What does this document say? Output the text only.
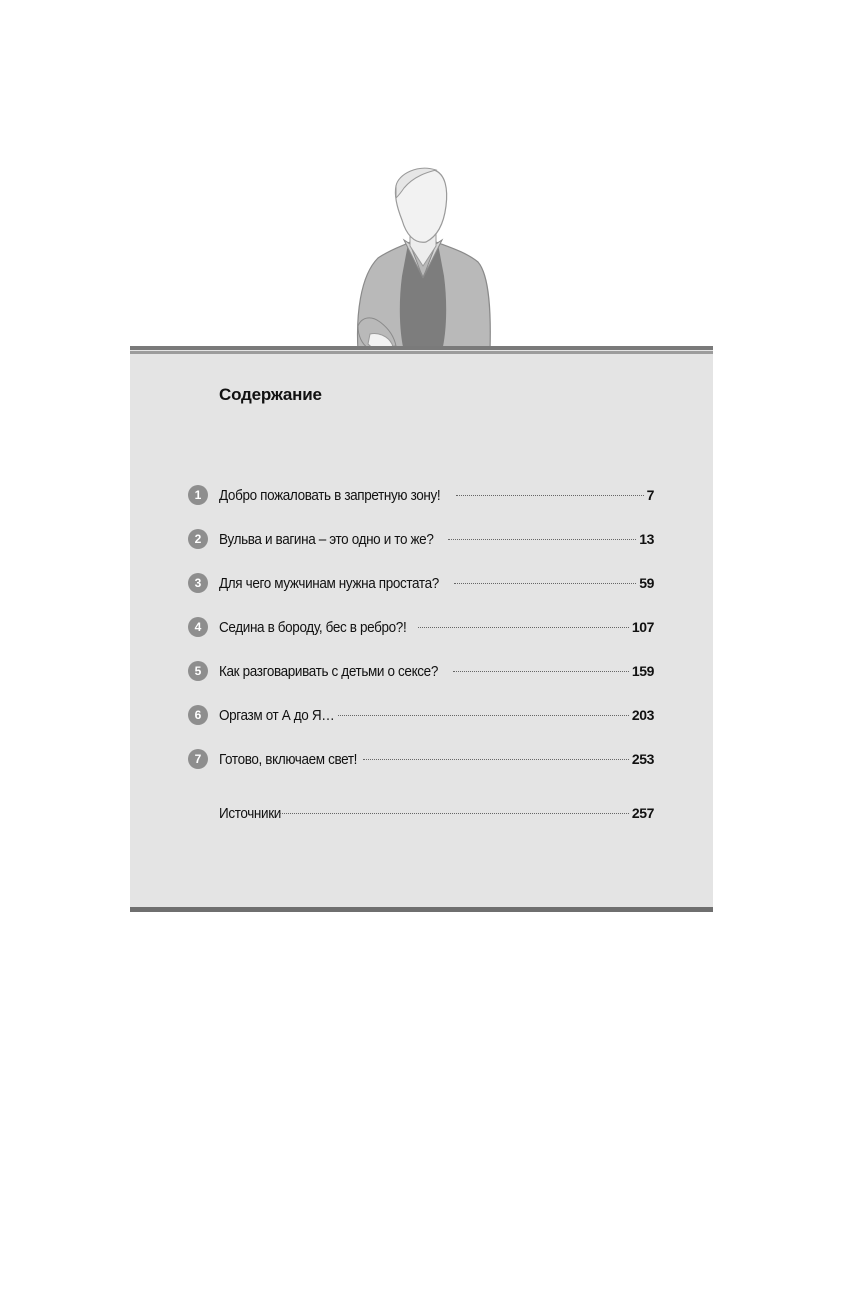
Содержание
1	Добро пожаловать в запретную зону!	7
2	Вульва и вагина – это одно и то же?	13
3	Для чего мужчинам нужна простата?	59
4	Седина в бороду, бес в ребро?!	107
5	Как разговаривать с детьми о сексе?	159
6	Оргазм от А до Я…	203
7	Готово, включаем свет!	253
Источники	257
